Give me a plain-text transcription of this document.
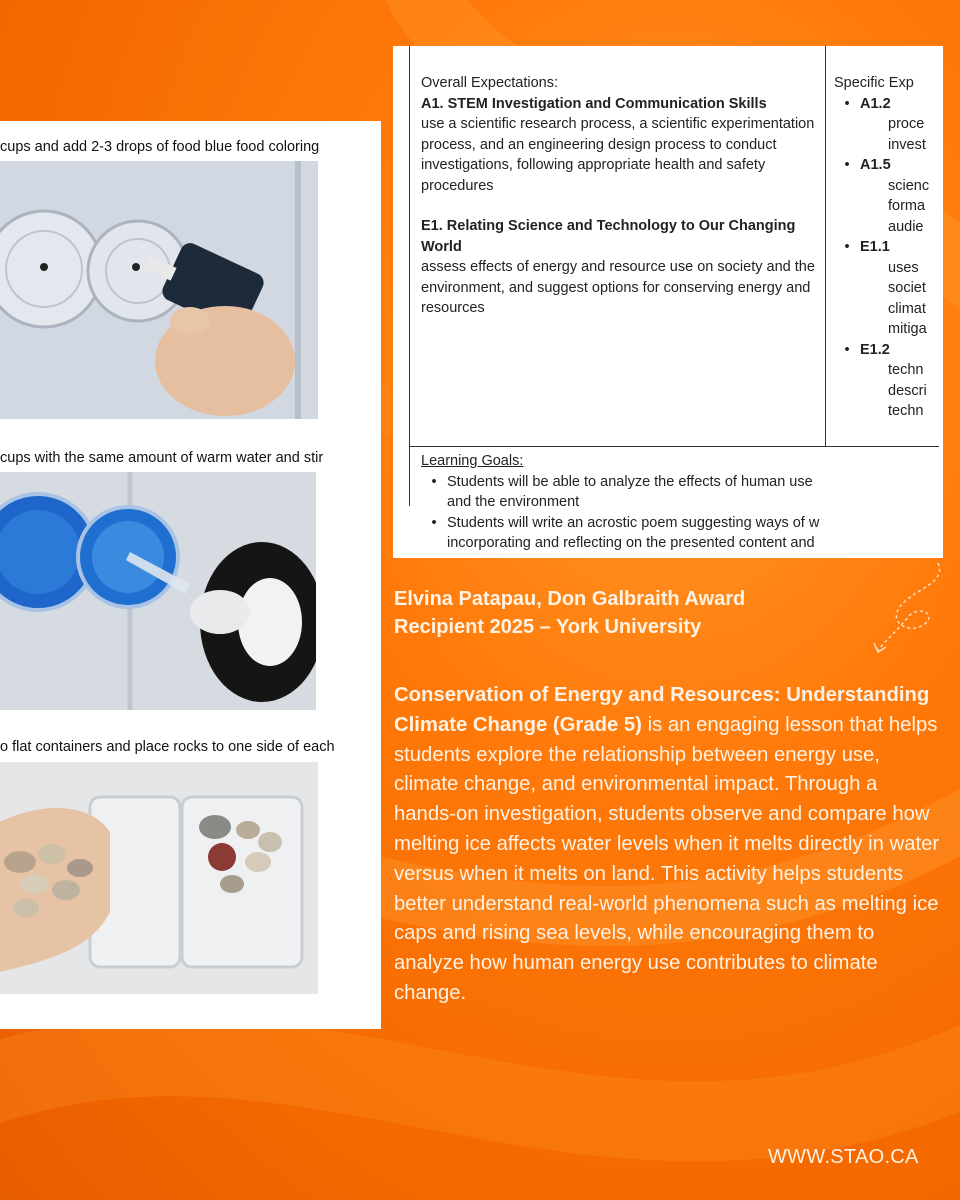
cups and add 2-3 drops of food blue food coloring
cups with the same amount of warm water and stir
o flat containers and place rocks to one side of each
Overall Expectations:
A1. STEM Investigation and Communication Skills
use a scientific research process, a scientific experimentation process, and an engineering design process to conduct investigations, following appropriate health and safety procedures
E1. Relating Science and Technology to Our Changing World
assess effects of energy and resource use on society and the environment, and suggest options for conserving energy and resources
Specific Exp
• A1.2
proce
invest
• A1.5
scienc
forma
audie
• E1.1
uses
societ
climat
mitiga
• E1.2
techn
descri
techn
Learning Goals:
• Students will be able to analyze the effects of human use
and the environment
• Students will write an acrostic poem suggesting ways of w
incorporating and reflecting on the presented content and
Elvina Patapau, Don Galbraith Award
Recipient 2025 – York University
Conservation of Energy and Resources: Understanding Climate Change (Grade 5) is an engaging lesson that helps students explore the relationship between energy use, climate change, and environmental impact. Through a hands-on investigation, students observe and compare how melting ice affects water levels when it melts directly in water versus when it melts on land. This activity helps students better understand real-world phenomena such as melting ice caps and rising sea levels, while encouraging them to analyze how human energy use contributes to climate change.
WWW.STAO.CA
